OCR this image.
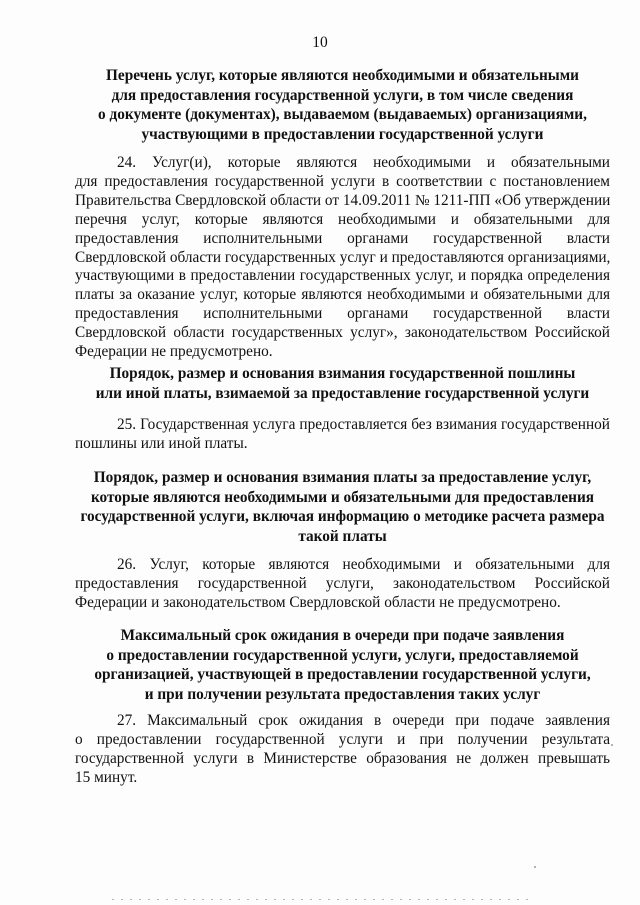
10
Перечень услуг, которые являются необходимыми и обязательными
для предоставления государственной услуги, в том числе сведения
о документе (документах), выдаваемом (выдаваемых) организациями,
участвующими в предоставлении государственной услуги
24. Услуг(и), которые являются необходимыми и обязательными
для предоставления государственной услуги в соответствии с постановлением
Правительства Свердловской области от 14.09.2011 № 1211-ПП «Об утверждении
перечня услуг, которые являются необходимыми и обязательными для
предоставления исполнительными органами государственной власти
Свердловской области государственных услуг и предоставляются организациями,
участвующими в предоставлении государственных услуг, и порядка определения
платы за оказание услуг, которые являются необходимыми и обязательными для
предоставления исполнительными органами государственной власти
Свердловской области государственных услуг», законодательством Российской
Федерации не предусмотрено.
Порядок, размер и основания взимания государственной пошлины
или иной платы, взимаемой за предоставление государственной услуги
25. Государственная услуга предоставляется без взимания государственной
пошлины или иной платы.
Порядок, размер и основания взимания платы за предоставление услуг,
которые являются необходимыми и обязательными для предоставления
государственной услуги, включая информацию о методике расчета размера
такой платы
26. Услуг, которые являются необходимыми и обязательными для
предоставления государственной услуги, законодательством Российской
Федерации и законодательством Свердловской области не предусмотрено.
Максимальный срок ожидания в очереди при подаче заявления
о предоставлении государственной услуги, услуги, предоставляемой
организацией, участвующей в предоставлении государственной услуги,
и при получении результата предоставления таких услуг
27. Максимальный срок ожидания в очереди при подаче заявления
о предоставлении государственной услуги и при получении результата
государственной услуги в Министерстве образования не должен превышать
15 минут.
